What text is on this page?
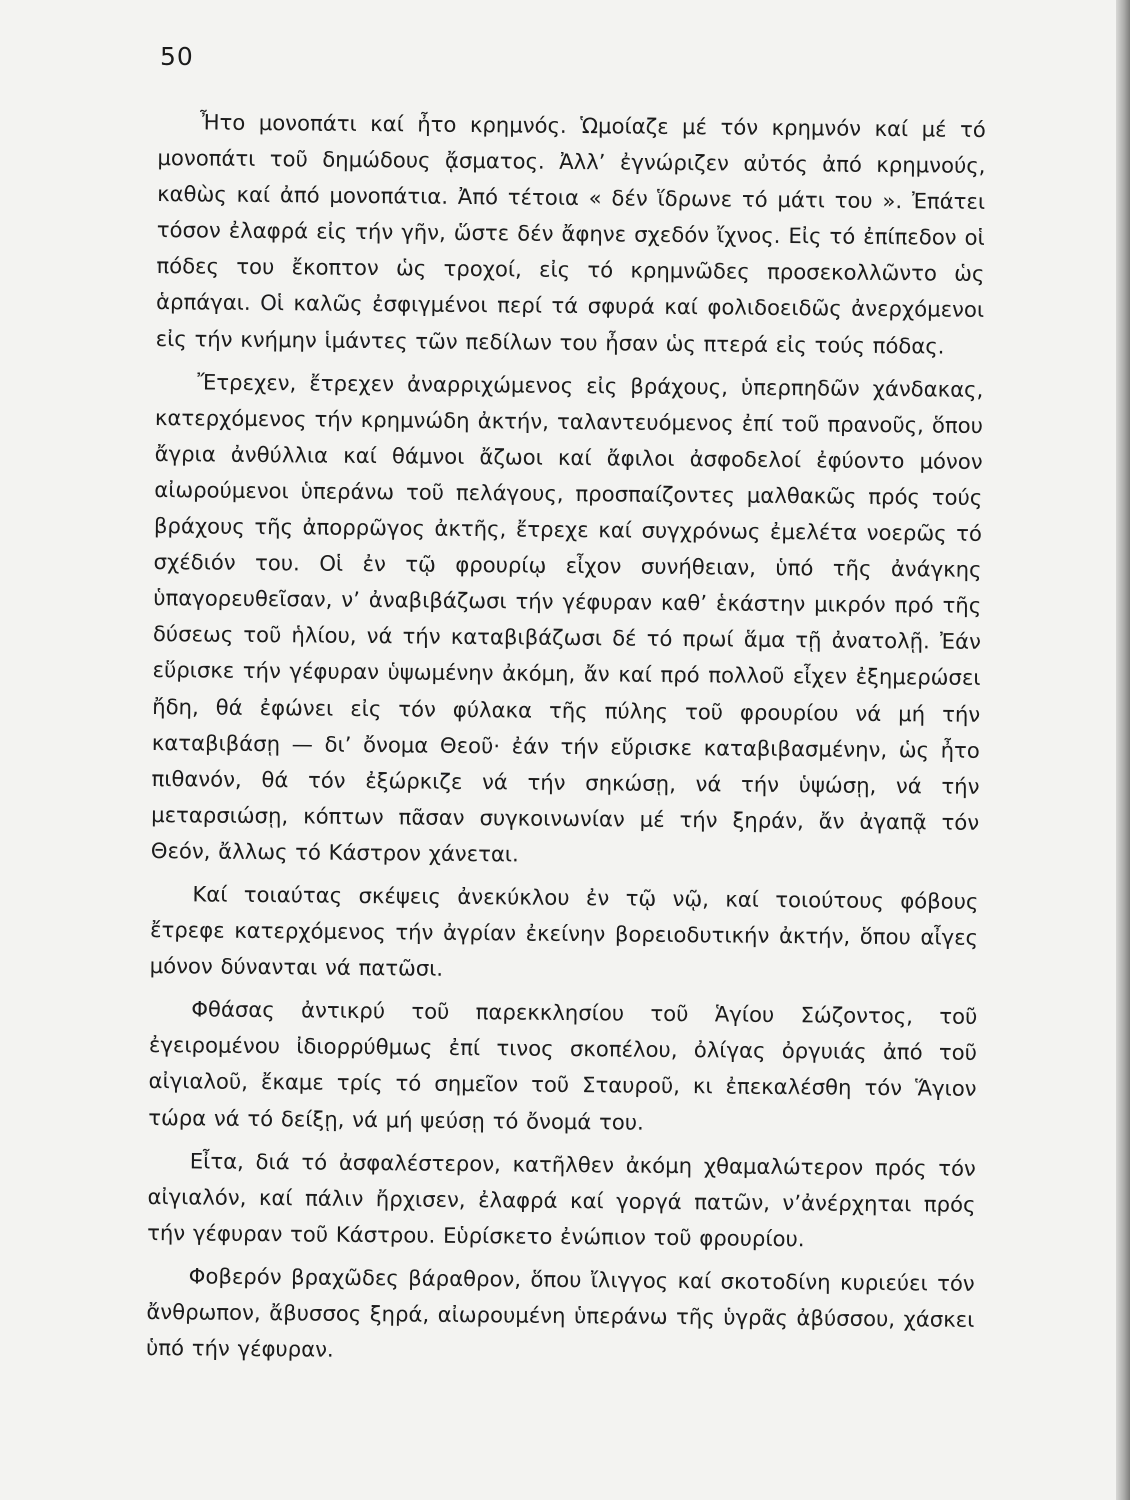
50

Ἦτο μονοπάτι καί ἦτο κρημνός. Ὡμοίαζε μέ τόν κρημνόν καί μέ τό μονοπάτι τοῦ δημώδους ᾄσματος. Ἀλλ’ ἐγνώριζεν αὐτός ἀπό κρημνούς, καθὼς καί ἀπό μονοπάτια. Ἀπό τέτοια « δέν ἵδρωνε τό μάτι του ». Ἐπάτει τόσον ἐλαφρά εἰς τήν γῆν, ὥστε δέν ἄφηνε σχεδόν ἴχνος. Εἰς τό ἐπίπεδον οἱ πόδες του ἔκοπτον ὡς τροχοί, εἰς τό κρημνῶδες προσεκολλῶντο ὡς ἁρπάγαι. Οἱ καλῶς ἐσφιγμένοι περί τά σφυρά καί φολιδοειδῶς ἀνερχόμενοι εἰς τήν κνήμην ἱμάντες τῶν πεδίλων του ἦσαν ὡς πτερά εἰς τούς πόδας.

Ἔτρεχεν, ἔτρεχεν ἀναρριχώμενος εἰς βράχους, ὑπερπηδῶν χάνδακας, κατερχόμενος τήν κρημνώδη ἀκτήν, ταλαντευόμενος ἐπί τοῦ πρανοῦς, ὅπου ἄγρια ἀνθύλλια καί θάμνοι ἄζωοι καί ἄφιλοι ἀσφοδελοί ἐφύοντο μόνον αἰωρούμενοι ὑπεράνω τοῦ πελάγους, προσπαίζοντες μαλθακῶς πρός τούς βράχους τῆς ἀπορρῶγος ἀκτῆς, ἔτρεχε καί συγχρόνως ἐμελέτα νοερῶς τό σχέδιόν του. Οἱ ἐν τῷ φρουρίῳ εἶχον συνήθειαν, ὑπό τῆς ἀνάγκης ὑπαγορευθεῖσαν, ν’ ἀναβιβάζωσι τήν γέφυραν καθ’ ἑκάστην μικρόν πρό τῆς δύσεως τοῦ ἡλίου, νά τήν καταβιβάζωσι δέ τό πρωί ἅμα τῇ ἀνατολῇ. Ἐάν εὕρισκε τήν γέφυραν ὑψωμένην ἀκόμη, ἄν καί πρό πολλοῦ εἶχεν ἐξημερώσει ἤδη, θά ἐφώνει εἰς τόν φύλακα τῆς πύλης τοῦ φρουρίου νά μή τήν καταβιβάσῃ — δι’ ὄνομα Θεοῦ· ἐάν τήν εὕρισκε καταβιβασμένην, ὡς ἦτο πιθανόν, θά τόν ἐξώρκιζε νά τήν σηκώσῃ, νά τήν ὑψώσῃ, νά τήν μεταρσιώσῃ, κόπτων πᾶσαν συγκοινωνίαν μέ τήν ξηράν, ἄν ἀγαπᾷ τόν Θεόν, ἄλλως τό Κάστρον χάνεται.

Καί τοιαύτας σκέψεις ἀνεκύκλου ἐν τῷ νῷ, καί τοιούτους φόβους ἔτρεφε κατερχόμενος τήν ἀγρίαν ἐκείνην βορειοδυτικήν ἀκτήν, ὅπου αἶγες μόνον δύνανται νά πατῶσι.

Φθάσας ἀντικρύ τοῦ παρεκκλησίου τοῦ Ἁγίου Σώζοντος, τοῦ ἐγειρομένου ἰδιορρύθμως ἐπί τινος σκοπέλου, ὀλίγας ὀργυιάς ἀπό τοῦ αἰγιαλοῦ, ἔκαμε τρίς τό σημεῖον τοῦ Σταυροῦ, κι ἐπεκαλέσθη τόν Ἅγιον τώρα νά τό δείξῃ, νά μή ψεύσῃ τό ὄνομά του.

Εἶτα, διά τό ἀσφαλέστερον, κατῆλθεν ἀκόμη χθαμαλώτερον πρός τόν αἰγιαλόν, καί πάλιν ἤρχισεν, ἐλαφρά καί γοργά πατῶν, ν’ἀνέρχηται πρός τήν γέφυραν τοῦ Κάστρου. Εὑρίσκετο ἐνώπιον τοῦ φρουρίου.

Φοβερόν βραχῶδες βάραθρον, ὅπου ἴλιγγος καί σκοτοδίνη κυριεύει τόν ἄνθρωπον, ἄβυσσος ξηρά, αἰωρουμένη ὑπεράνω τῆς ὑγρᾶς ἀβύσσου, χάσκει ὑπό τήν γέφυραν.
